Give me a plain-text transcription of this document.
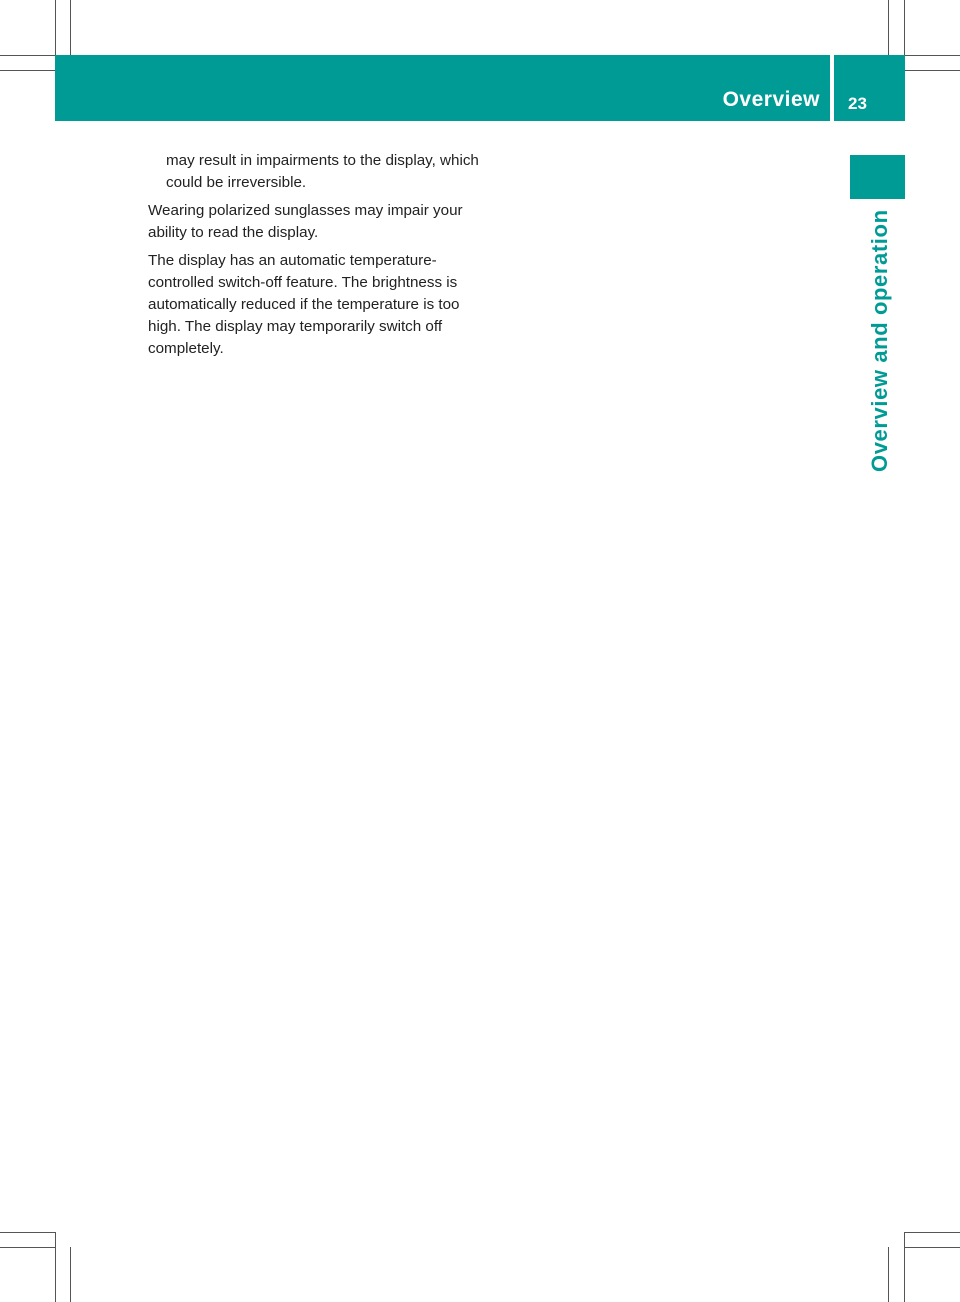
Overview 23
Overview and operation

may result in impairments to the display, which could be irreversible.

Wearing polarized sunglasses may impair your ability to read the display.

The display has an automatic temperature-controlled switch-off feature. The brightness is automatically reduced if the temperature is too high. The display may temporarily switch off completely.
